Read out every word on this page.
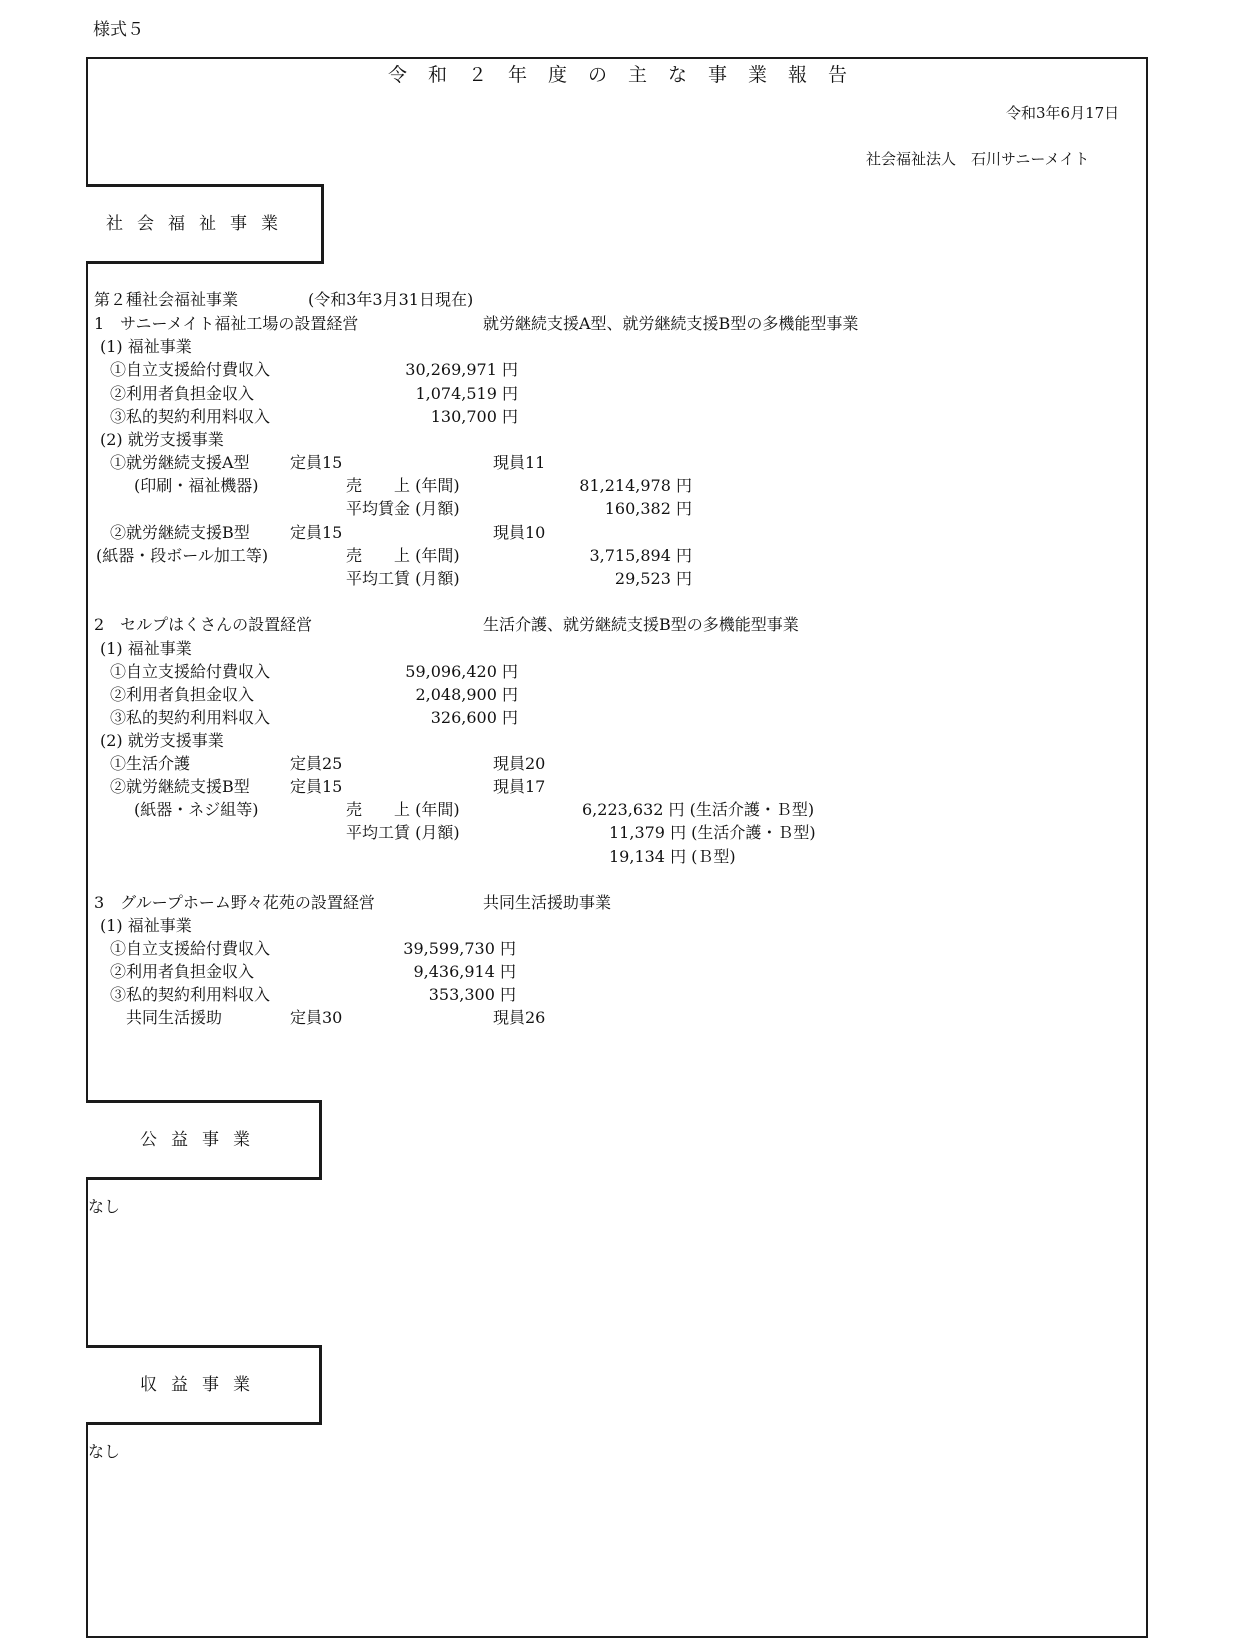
様式５
令和２年度の主な事業報告
令和3年6月17日
社会福祉法人　石川サニーメイト
社会福祉事業
第２種社会福祉事業	(令和3年3月31日現在)
1　サニーメイト福祉工場の設置経営	就労継続支援A型、就労継続支援B型の多機能型事業
(1) 福祉事業
①自立支援給付費収入	30,269,971 円
②利用者負担金収入	1,074,519 円
③私的契約利用料収入	130,700 円
(2) 就労支援事業
①就労継続支援A型	定員15	現員11
(印刷・福祉機器)	売　　上 (年間)	81,214,978 円
平均賃金 (月額)	160,382 円
②就労継続支援B型	定員15	現員10
(紙器・段ボール加工等)	売　　上 (年間)	3,715,894 円
平均工賃 (月額)	29,523 円
2　セルプはくさんの設置経営	生活介護、就労継続支援B型の多機能型事業
(1) 福祉事業
①自立支援給付費収入	59,096,420 円
②利用者負担金収入	2,048,900 円
③私的契約利用料収入	326,600 円
(2) 就労支援事業
①生活介護	定員25	現員20
②就労継続支援B型	定員15	現員17
(紙器・ネジ組等)	売　　上 (年間)	6,223,632 円 (生活介護・Ｂ型)
平均工賃 (月額)	11,379 円 (生活介護・Ｂ型)
19,134 円 (Ｂ型)
3　グループホーム野々花苑の設置経営	共同生活援助事業
(1) 福祉事業
①自立支援給付費収入	39,599,730 円
②利用者負担金収入	9,436,914 円
③私的契約利用料収入	353,300 円
共同生活援助	定員30	現員26
公益事業
なし
収益事業
なし
